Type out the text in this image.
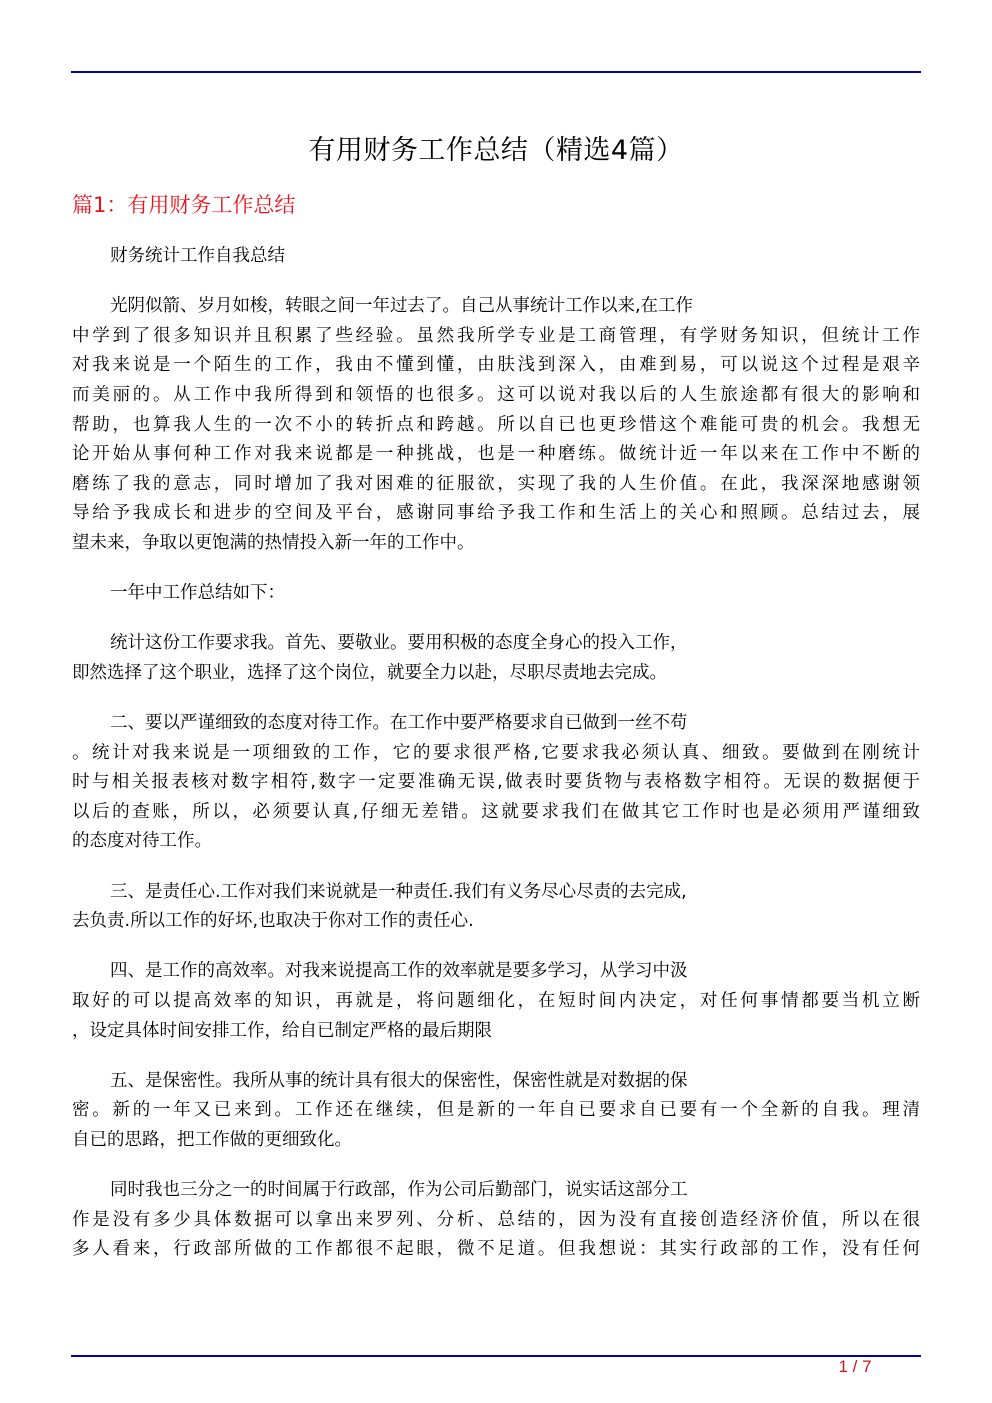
有用财务工作总结（精选4篇）
篇1：有用财务工作总结
财务统计工作自我总结
光阴似箭、岁月如梭，转眼之间一年过去了。自己从事统计工作以来,在工作
中学到了很多知识并且积累了些经验。虽然我所学专业是工商管理，有学财务知识，但统计工作
对我来说是一个陌生的工作，我由不懂到懂，由肤浅到深入，由难到易，可以说这个过程是艰辛
而美丽的。从工作中我所得到和领悟的也很多。这可以说对我以后的人生旅途都有很大的影响和
帮助，也算我人生的一次不小的转折点和跨越。所以自已也更珍惜这个难能可贵的机会。我想无
论开始从事何种工作对我来说都是一种挑战，也是一种磨练。做统计近一年以来在工作中不断的
磨练了我的意志，同时增加了我对困难的征服欲，实现了我的人生价值。在此，我深深地感谢领
导给予我成长和进步的空间及平台，感谢同事给予我工作和生活上的关心和照顾。总结过去，展
望未来，争取以更饱满的热情投入新一年的工作中。
一年中工作总结如下：
统计这份工作要求我。首先、要敬业。要用积极的态度全身心的投入工作，
即然选择了这个职业，选择了这个岗位，就要全力以赴，尽职尽责地去完成。
二、要以严谨细致的态度对待工作。在工作中要严格要求自已做到一丝不苟
。统计对我来说是一项细致的工作，它的要求很严格,它要求我必须认真、细致。要做到在刚统计
时与相关报表核对数字相符,数字一定要准确无误,做表时要货物与表格数字相符。无误的数据便于
以后的查账，所以，必须要认真,仔细无差错。这就要求我们在做其它工作时也是必须用严谨细致
的态度对待工作。
三、是责任心.工作对我们来说就是一种责任.我们有义务尽心尽责的去完成,
去负责.所以工作的好坏,也取决于你对工作的责任心.
四、是工作的高效率。对我来说提高工作的效率就是要多学习，从学习中汲
取好的可以提高效率的知识，再就是，将问题细化，在短时间内决定，对任何事情都要当机立断
，设定具体时间安排工作，给自已制定严格的最后期限
五、是保密性。我所从事的统计具有很大的保密性，保密性就是对数据的保
密。新的一年又已来到。工作还在继续，但是新的一年自已要求自已要有一个全新的自我。理清
自已的思路，把工作做的更细致化。
同时我也三分之一的时间属于行政部，作为公司后勤部门，说实话这部分工
作是没有多少具体数据可以拿出来罗列、分析、总结的，因为没有直接创造经济价值，所以在很
多人看来，行政部所做的工作都很不起眼，微不足道。但我想说：其实行政部的工作，没有任何
1 / 7
